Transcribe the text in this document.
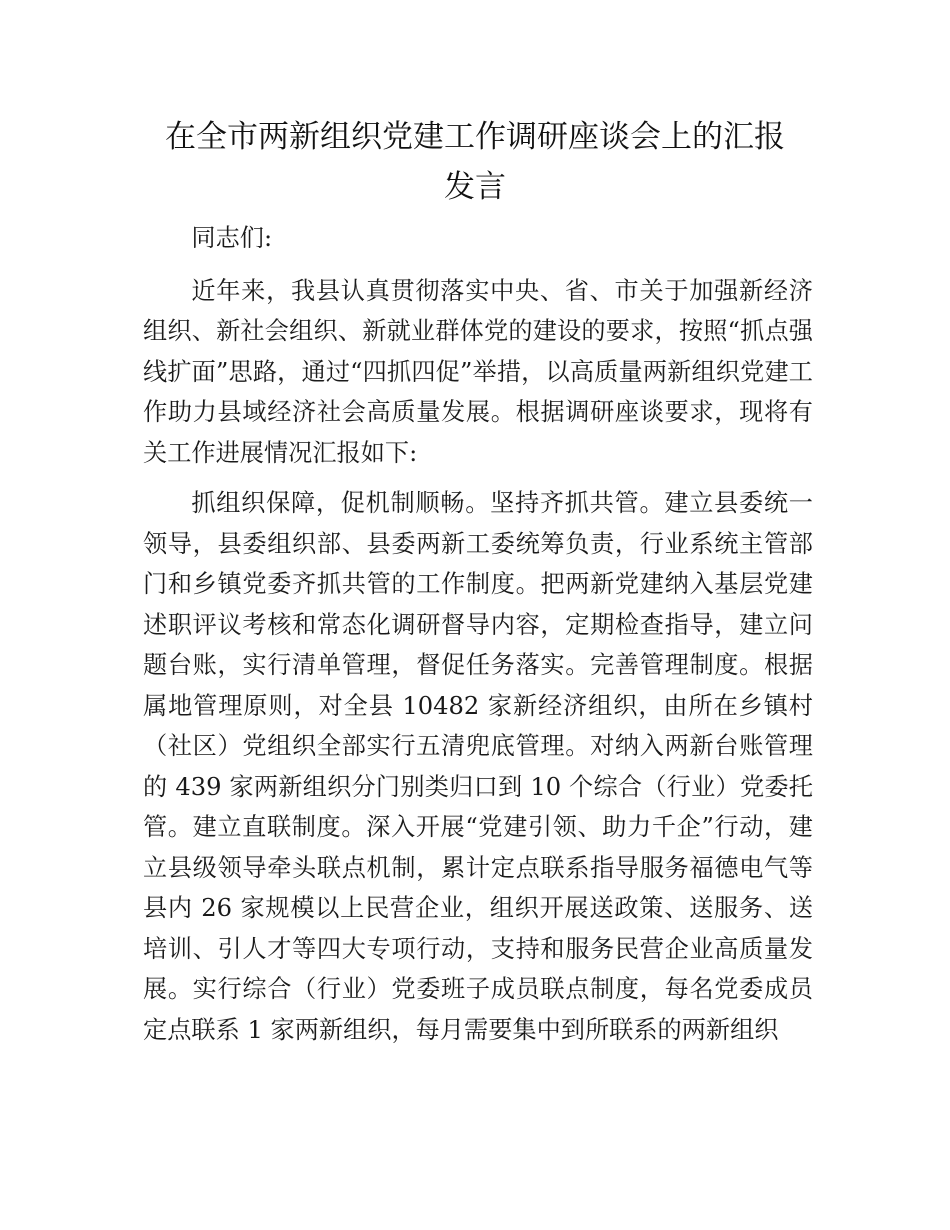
在全市两新组织党建工作调研座谈会上的汇报
发言

同志们:

近年来，我县认真贯彻落实中央、省、市关于加强新经济组织、新社会组织、新就业群体党的建设的要求，按照“抓点强线扩面”思路，通过“四抓四促”举措，以高质量两新组织党建工作助力县域经济社会高质量发展。根据调研座谈要求，现将有关工作进展情况汇报如下:

抓组织保障，促机制顺畅。坚持齐抓共管。建立县委统一领导，县委组织部、县委两新工委统筹负责，行业系统主管部门和乡镇党委齐抓共管的工作制度。把两新党建纳入基层党建述职评议考核和常态化调研督导内容，定期检查指导，建立问题台账，实行清单管理，督促任务落实。完善管理制度。根据属地管理原则，对全县 10482 家新经济组织，由所在乡镇村（社区）党组织全部实行五清兜底管理。对纳入两新台账管理的 439 家两新组织分门别类归口到 10 个综合（行业）党委托管。建立直联制度。深入开展“党建引领、助力千企”行动，建立县级领导牵头联点机制，累计定点联系指导服务福德电气等县内 26 家规模以上民营企业，组织开展送政策、送服务、送培训、引人才等四大专项行动，支持和服务民营企业高质量发展。实行综合（行业）党委班子成员联点制度，每名党委成员定点联系 1 家两新组织，每月需要集中到所联系的两新组织
